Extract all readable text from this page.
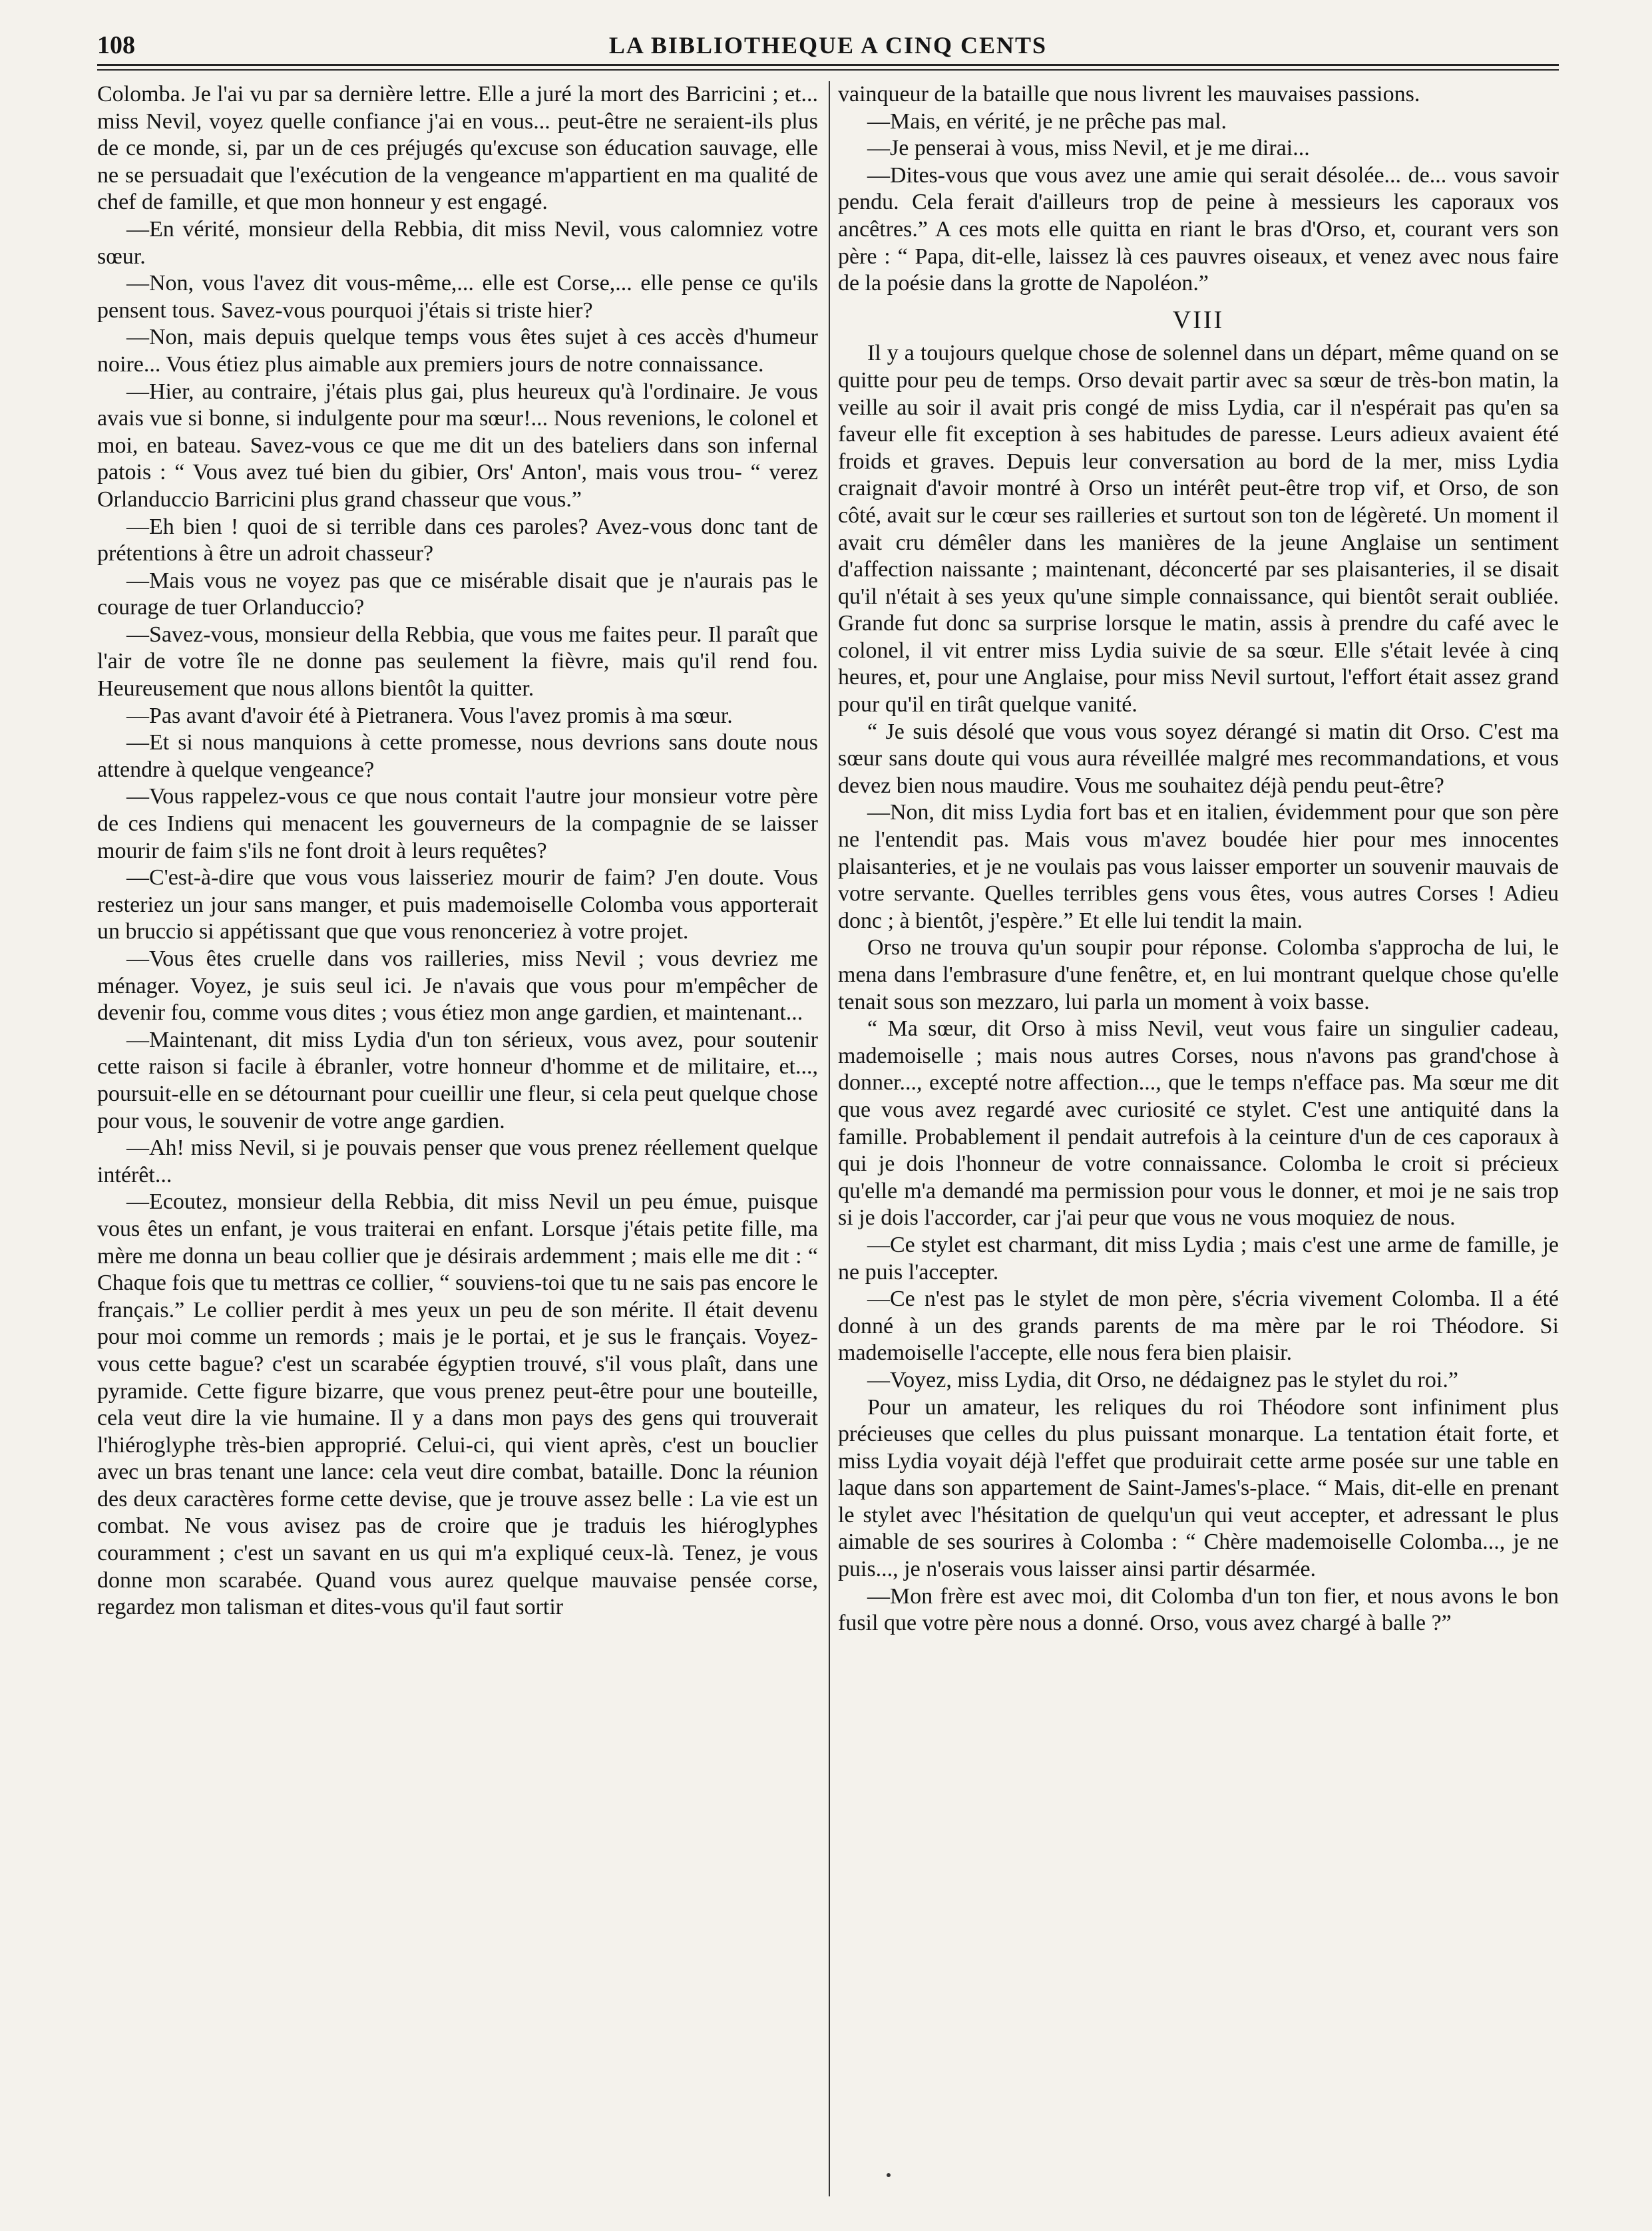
108	LA BIBLIOTHEQUE A CINQ CENTS

Colomba. Je l'ai vu par sa dernière lettre. Elle a juré la mort des Barricini ; et... miss Nevil, voyez quelle confiance j'ai en vous... peut-être ne seraient-ils plus de ce monde, si, par un de ces préjugés qu'excuse son éducation sauvage, elle ne se persuadait que l'exécution de la vengeance m'appartient en ma qualité de chef de famille, et que mon honneur y est engagé.

—En vérité, monsieur della Rebbia, dit miss Nevil, vous calomniez votre sœur.

—Non, vous l'avez dit vous-même,... elle est Corse,... elle pense ce qu'ils pensent tous. Savez-vous pourquoi j'étais si triste hier?

—Non, mais depuis quelque temps vous êtes sujet à ces accès d'humeur noire... Vous étiez plus aimable aux premiers jours de notre connaissance.

—Hier, au contraire, j'étais plus gai, plus heureux qu'à l'ordinaire. Je vous avais vue si bonne, si indulgente pour ma sœur!... Nous revenions, le colonel et moi, en bateau. Savez-vous ce que me dit un des bateliers dans son infernal patois : “ Vous avez tué bien du gibier, Ors' Anton', mais vous trou- “ verez Orlanduccio Barricini plus grand chasseur que vous.”

—Eh bien ! quoi de si terrible dans ces paroles? Avez-vous donc tant de prétentions à être un adroit chasseur?

—Mais vous ne voyez pas que ce misérable disait que je n'aurais pas le courage de tuer Orlanduccio?

—Savez-vous, monsieur della Rebbia, que vous me faites peur. Il paraît que l'air de votre île ne donne pas seulement la fièvre, mais qu'il rend fou. Heureusement que nous allons bientôt la quitter.

—Pas avant d'avoir été à Pietranera. Vous l'avez promis à ma sœur.

—Et si nous manquions à cette promesse, nous devrions sans doute nous attendre à quelque vengeance?

—Vous rappelez-vous ce que nous contait l'autre jour monsieur votre père de ces Indiens qui menacent les gouverneurs de la compagnie de se laisser mourir de faim s'ils ne font droit à leurs requêtes?

—C'est-à-dire que vous vous laisseriez mourir de faim? J'en doute. Vous resteriez un jour sans manger, et puis mademoiselle Colomba vous apporterait un bruccio si appétissant que que vous renonceriez à votre projet.

—Vous êtes cruelle dans vos railleries, miss Nevil ; vous devriez me ménager. Voyez, je suis seul ici. Je n'avais que vous pour m'empêcher de devenir fou, comme vous dites ; vous étiez mon ange gardien, et maintenant...

—Maintenant, dit miss Lydia d'un ton sérieux, vous avez, pour soutenir cette raison si facile à ébranler, votre honneur d'homme et de militaire, et..., poursuit-elle en se détournant pour cueillir une fleur, si cela peut quelque chose pour vous, le souvenir de votre ange gardien.

—Ah! miss Nevil, si je pouvais penser que vous prenez réellement quelque intérêt...

—Ecoutez, monsieur della Rebbia, dit miss Nevil un peu émue, puisque vous êtes un enfant, je vous traiterai en enfant. Lorsque j'étais petite fille, ma mère me donna un beau collier que je désirais ardemment ; mais elle me dit : “ Chaque fois que tu mettras ce collier, “ souviens-toi que tu ne sais pas encore le français.” Le collier perdit à mes yeux un peu de son mérite. Il était devenu pour moi comme un remords ; mais je le portai, et je sus le français. Voyez-vous cette bague? c'est un scarabée égyptien trouvé, s'il vous plaît, dans une pyramide. Cette figure bizarre, que vous prenez peut-être pour une bouteille, cela veut dire la vie humaine. Il y a dans mon pays des gens qui trouverait l'hiéroglyphe très-bien approprié. Celui-ci, qui vient après, c'est un bouclier avec un bras tenant une lance: cela veut dire combat, bataille. Donc la réunion des deux caractères forme cette devise, que je trouve assez belle : La vie est un combat. Ne vous avisez pas de croire que je traduis les hiéroglyphes couramment ; c'est un savant en us qui m'a expliqué ceux-là. Tenez, je vous donne mon scarabée. Quand vous aurez quelque mauvaise pensée corse, regardez mon talisman et dites-vous qu'il faut sortir

vainqueur de la bataille que nous livrent les mauvaises passions.

—Mais, en vérité, je ne prêche pas mal.

—Je penserai à vous, miss Nevil, et je me dirai...

—Dites-vous que vous avez une amie qui serait désolée... de... vous savoir pendu. Cela ferait d'ailleurs trop de peine à messieurs les caporaux vos ancêtres.” A ces mots elle quitta en riant le bras d'Orso, et, courant vers son père : “ Papa, dit-elle, laissez là ces pauvres oiseaux, et venez avec nous faire de la poésie dans la grotte de Napoléon.”

VIII

Il y a toujours quelque chose de solennel dans un départ, même quand on se quitte pour peu de temps. Orso devait partir avec sa sœur de très-bon matin, la veille au soir il avait pris congé de miss Lydia, car il n'espérait pas qu'en sa faveur elle fit exception à ses habitudes de paresse. Leurs adieux avaient été froids et graves. Depuis leur conversation au bord de la mer, miss Lydia craignait d'avoir montré à Orso un intérêt peut-être trop vif, et Orso, de son côté, avait sur le cœur ses railleries et surtout son ton de légèreté. Un moment il avait cru démêler dans les manières de la jeune Anglaise un sentiment d'affection naissante ; maintenant, déconcerté par ses plaisanteries, il se disait qu'il n'était à ses yeux qu'une simple connaissance, qui bientôt serait oubliée. Grande fut donc sa surprise lorsque le matin, assis à prendre du café avec le colonel, il vit entrer miss Lydia suivie de sa sœur. Elle s'était levée à cinq heures, et, pour une Anglaise, pour miss Nevil surtout, l'effort était assez grand pour qu'il en tirât quelque vanité.

“ Je suis désolé que vous vous soyez dérangé si matin dit Orso. C'est ma sœur sans doute qui vous aura réveillée malgré mes recommandations, et vous devez bien nous maudire. Vous me souhaitez déjà pendu peut-être?

—Non, dit miss Lydia fort bas et en italien, évidemment pour que son père ne l'entendit pas. Mais vous m'avez boudée hier pour mes innocentes plaisanteries, et je ne voulais pas vous laisser emporter un souvenir mauvais de votre servante. Quelles terribles gens vous êtes, vous autres Corses ! Adieu donc ; à bientôt, j'espère.” Et elle lui tendit la main.

Orso ne trouva qu'un soupir pour réponse. Colomba s'approcha de lui, le mena dans l'embrasure d'une fenêtre, et, en lui montrant quelque chose qu'elle tenait sous son mezzaro, lui parla un moment à voix basse.

“ Ma sœur, dit Orso à miss Nevil, veut vous faire un singulier cadeau, mademoiselle ; mais nous autres Corses, nous n'avons pas grand'chose à donner..., excepté notre affection..., que le temps n'efface pas. Ma sœur me dit que vous avez regardé avec curiosité ce stylet. C'est une antiquité dans la famille. Probablement il pendait autrefois à la ceinture d'un de ces caporaux à qui je dois l'honneur de votre connaissance. Colomba le croit si précieux qu'elle m'a demandé ma permission pour vous le donner, et moi je ne sais trop si je dois l'accorder, car j'ai peur que vous ne vous moquiez de nous.

—Ce stylet est charmant, dit miss Lydia ; mais c'est une arme de famille, je ne puis l'accepter.

—Ce n'est pas le stylet de mon père, s'écria vivement Colomba. Il a été donné à un des grands parents de ma mère par le roi Théodore. Si mademoiselle l'accepte, elle nous fera bien plaisir.

—Voyez, miss Lydia, dit Orso, ne dédaignez pas le stylet du roi.”

Pour un amateur, les reliques du roi Théodore sont infiniment plus précieuses que celles du plus puissant monarque. La tentation était forte, et miss Lydia voyait déjà l'effet que produirait cette arme posée sur une table en laque dans son appartement de Saint-James's-place. “ Mais, dit-elle en prenant le stylet avec l'hésitation de quelqu'un qui veut accepter, et adressant le plus aimable de ses sourires à Colomba : “ Chère mademoiselle Colomba..., je ne puis..., je n'oserais vous laisser ainsi partir désarmée.

—Mon frère est avec moi, dit Colomba d'un ton fier, et nous avons le bon fusil que votre père nous a donné. Orso, vous avez chargé à balle ?”
